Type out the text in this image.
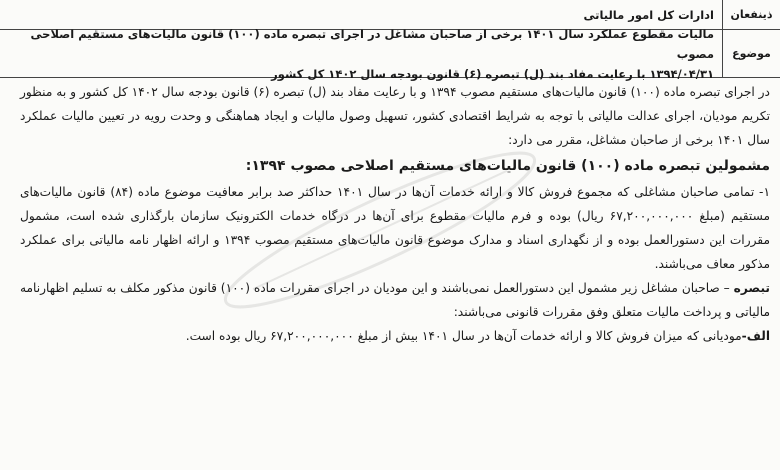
ذینفعان
ادارات کل امور مالیاتی
موضوع
مالیات مقطوع عملکرد سال ۱۴۰۱ برخی از صاحبان مشاغل در اجرای تبصره ماده (۱۰۰) قانون مالیات‌های مستقیم اصلاحی مصوب
۱۳۹۴/۰۴/۳۱ با رعایت مفاد بند (ل) تبصره (۶) قانون بودجه سال ۱۴۰۲ کل کشور

در اجرای تبصره ماده (۱۰۰) قانون مالیات‌های مستقیم مصوب ۱۳۹۴ و با رعایت مفاد بند (ل) تبصره (۶) قانون بودجه سال ۱۴۰۲ کل کشور و به منظور تکریم مودیان، اجرای عدالت مالیاتی با توجه به شرایط اقتصادی کشور، تسهیل وصول مالیات و ایجاد هماهنگی و وحدت رویه در تعیین مالیات عملکرد سال ۱۴۰۱ برخی از صاحبان مشاغل، مقرر می دارد:

مشمولین تبصره ماده (۱۰۰) قانون مالیات‌های مستقیم اصلاحی مصوب ۱۳۹۴:

۱- تمامی صاحبان مشاغلی که مجموع فروش کالا و ارائه خدمات آن‌ها در سال ۱۴۰۱ حداکثر صد برابر معافیت موضوع ماده (۸۴) قانون مالیات‌های مستقیم (مبلغ ۶۷,۲۰۰,۰۰۰,۰۰۰ ریال) بوده و فرم مالیات مقطوع برای آن‌ها در درگاه خدمات الکترونیک سازمان بارگذاری شده است، مشمول مقررات این دستورالعمل بوده و از نگهداری اسناد و مدارک موضوع قانون مالیات‌های مستقیم مصوب ۱۳۹۴ و ارائه اظهار نامه مالیاتی برای عملکرد مذکور معاف می‌باشند.

تبصره – صاحبان مشاغل زیر مشمول این دستورالعمل نمی‌باشند و این مودیان در اجرای مقررات ماده (۱۰۰) قانون مذکور مکلف به تسلیم اظهارنامه مالیاتی و پرداخت مالیات متعلق وفق مقررات قانونی می‌باشند:

الف-مودیانی که میزان فروش کالا و ارائه خدمات آن‌ها در سال ۱۴۰۱ بیش از مبلغ ۶۷,۲۰۰,۰۰۰,۰۰۰ ریال بوده است.
